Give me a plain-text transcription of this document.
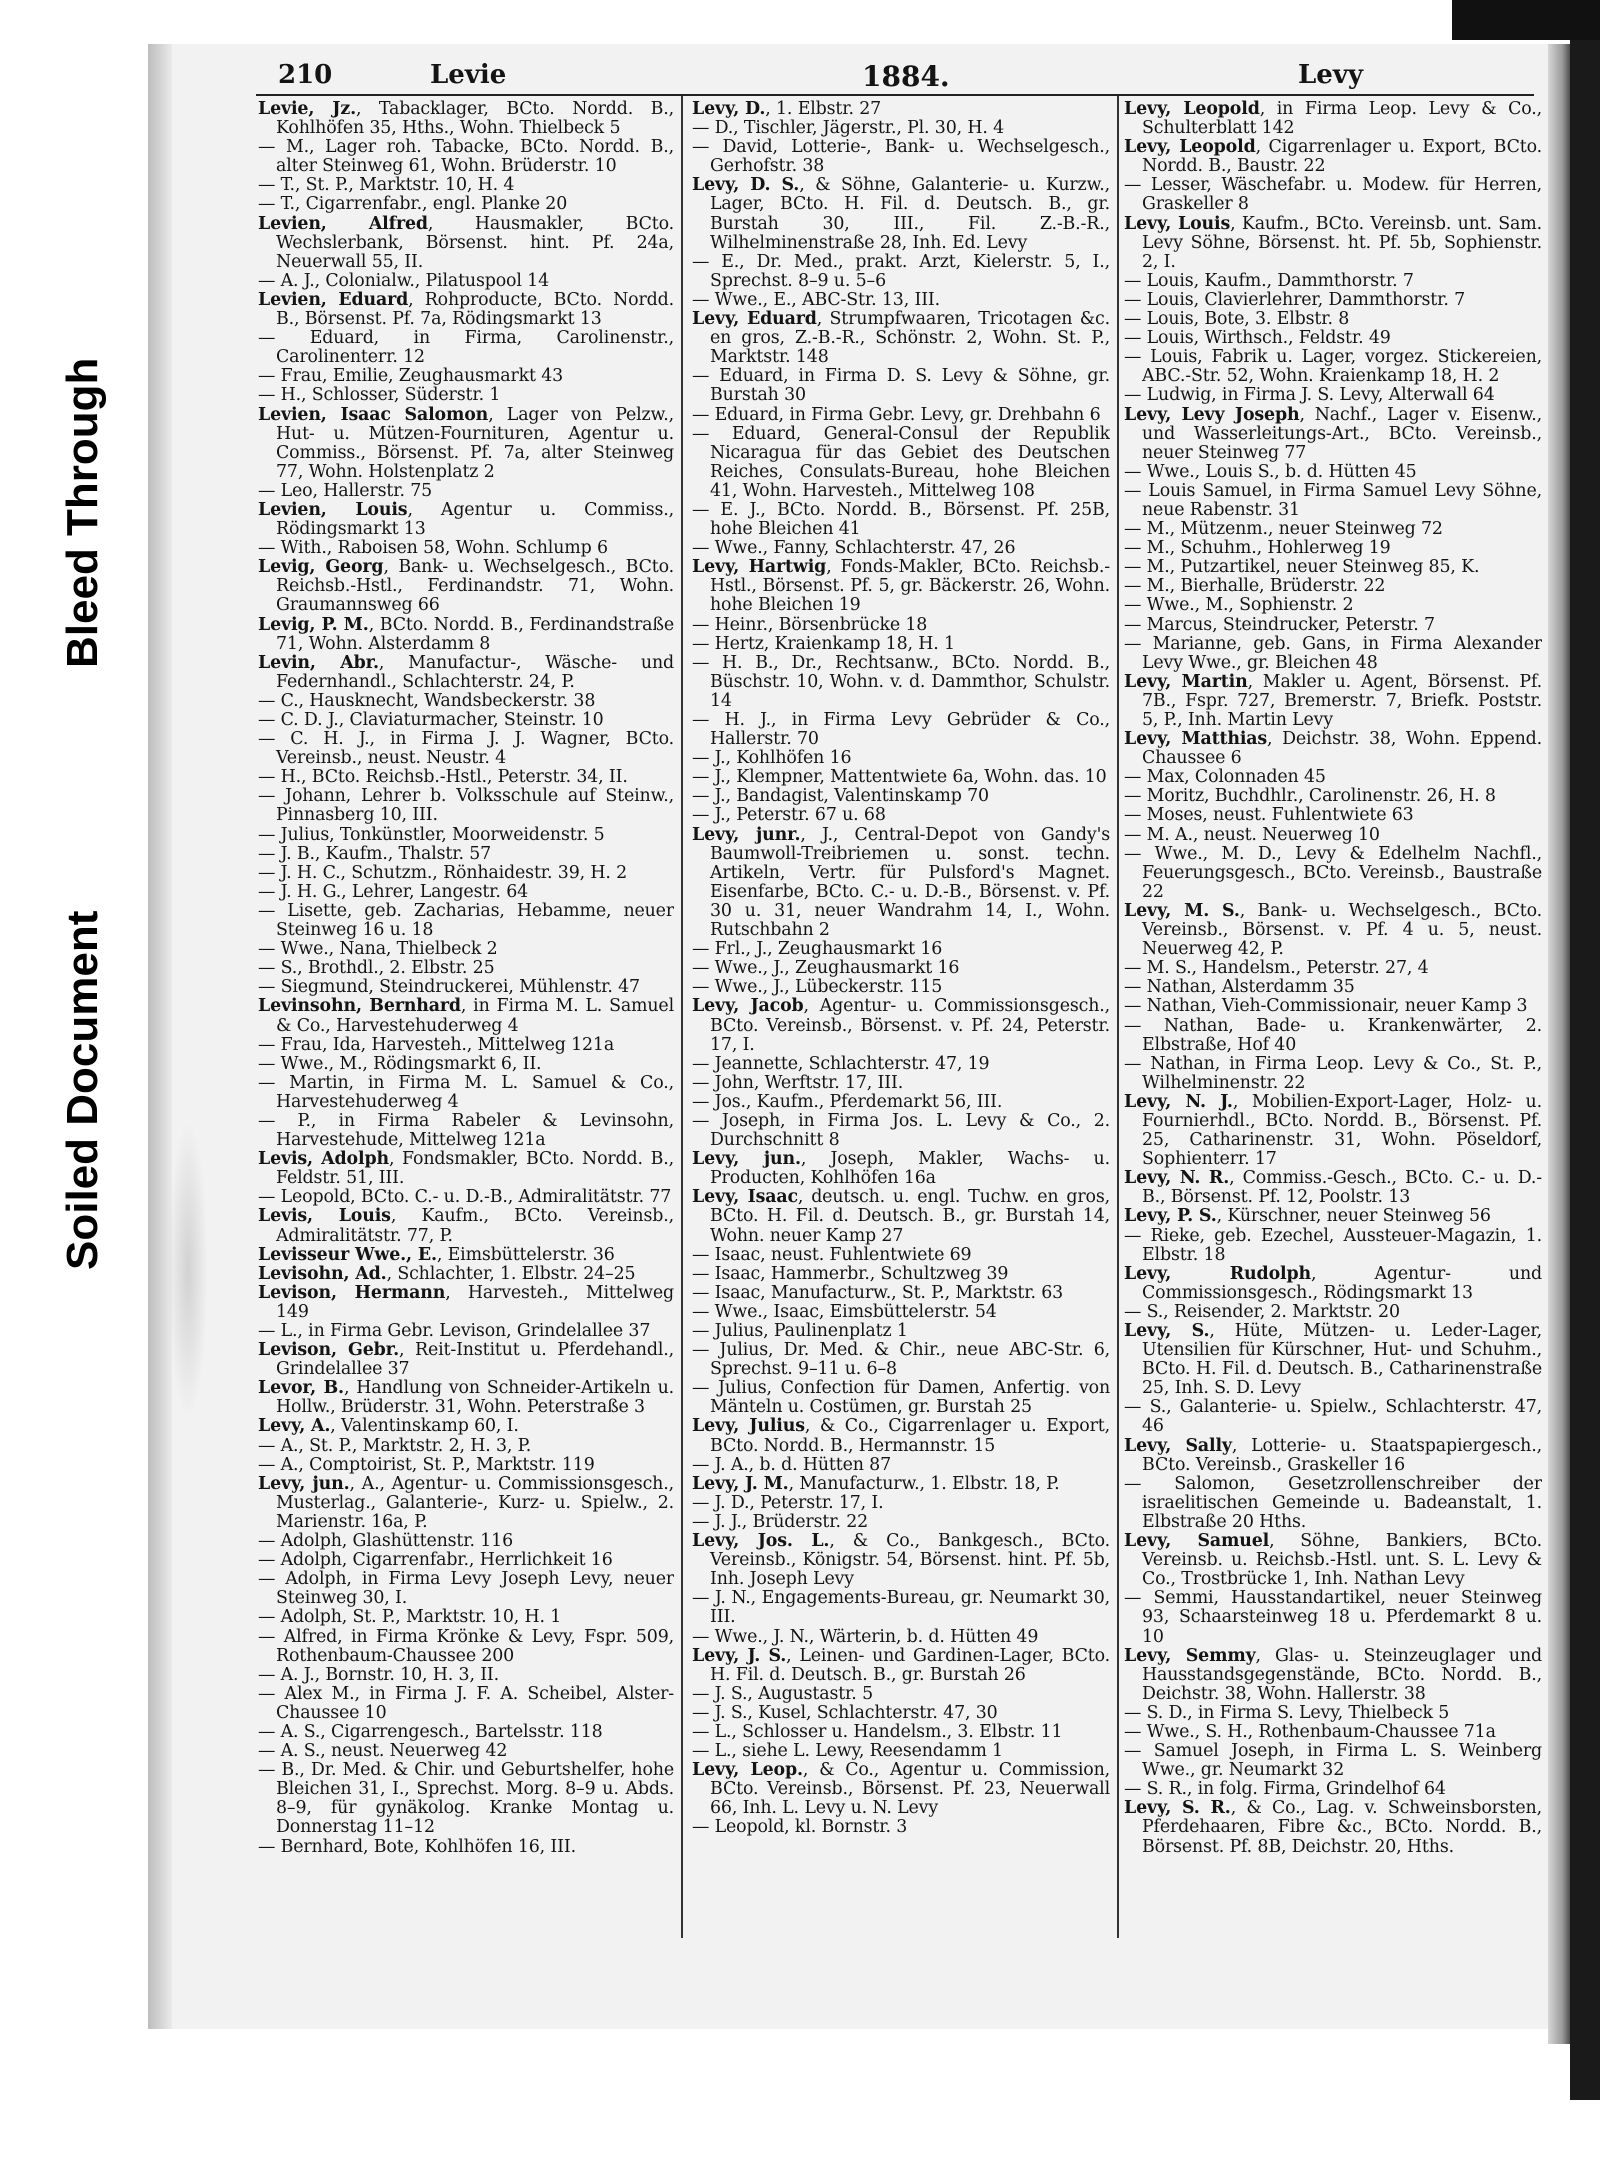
Bleed Through
Soiled Document
210	Levie	1884.	Levy

Levie, Jz., Tabacklager, BCto. Nordd. B., Kohlhöfen 35, Hths., Wohn. Thielbeck 5

— M., Lager roh. Tabacke, BCto. Nordd. B., alter Steinweg 61, Wohn. Brüderstr. 10

— T., St. P., Marktstr. 10, H. 4

— T., Cigarrenfabr., engl. Planke 20

Levien, Alfred, Hausmakler, BCto. Wechslerbank, Börsenst. hint. Pf. 24a, Neuerwall 55, II.

— A. J., Colonialw., Pilatuspool 14

Levien, Eduard, Rohproducte, BCto. Nordd. B., Börsenst. Pf. 7a, Rödingsmarkt 13

— Eduard, in Firma, Carolinenstr., Carolinenterr. 12

— Frau, Emilie, Zeughausmarkt 43

— H., Schlosser, Süderstr. 1

Levien, Isaac Salomon, Lager von Pelzw., Hut- u. Mützen-Fournituren, Agentur u. Commiss., Börsenst. Pf. 7a, alter Steinweg 77, Wohn. Holstenplatz 2

— Leo, Hallerstr. 75

Levien, Louis, Agentur u. Commiss., Rödingsmarkt 13

— With., Raboisen 58, Wohn. Schlump 6

Levig, Georg, Bank- u. Wechselgesch., BCto. Reichsb.-Hstl., Ferdinandstr. 71, Wohn. Graumannsweg 66

Levig, P. M., BCto. Nordd. B., Ferdinandstraße 71, Wohn. Alsterdamm 8

Levin, Abr., Manufactur-, Wäsche- und Federnhandl., Schlachterstr. 24, P.

— C., Hausknecht, Wandsbeckerstr. 38

— C. D. J., Claviaturmacher, Steinstr. 10

— C. H. J., in Firma J. J. Wagner, BCto. Vereinsb., neust. Neustr. 4

— H., BCto. Reichsb.-Hstl., Peterstr. 34, II.

— Johann, Lehrer b. Volksschule auf Steinw., Pinnasberg 10, III.

— Julius, Tonkünstler, Moorweidenstr. 5

— J. B., Kaufm., Thalstr. 57

— J. H. C., Schutzm., Rönhaidestr. 39, H. 2

— J. H. G., Lehrer, Langestr. 64

— Lisette, geb. Zacharias, Hebamme, neuer Steinweg 16 u. 18

— Wwe., Nana, Thielbeck 2

— S., Brothdl., 2. Elbstr. 25

— Siegmund, Steindruckerei, Mühlenstr. 47

Levinsohn, Bernhard, in Firma M. L. Samuel & Co., Harvestehuderweg 4

— Frau, Ida, Harvesteh., Mittelweg 121a

— Wwe., M., Rödingsmarkt 6, II.

— Martin, in Firma M. L. Samuel & Co., Harvestehuderweg 4

— P., in Firma Rabeler & Levinsohn, Harvestehude, Mittelweg 121a

Levis, Adolph, Fondsmakler, BCto. Nordd. B., Feldstr. 51, III.

— Leopold, BCto. C.- u. D.-B., Admiralitätstr. 77

Levis, Louis, Kaufm., BCto. Vereinsb., Admiralitätstr. 77, P.

Levisseur Wwe., E., Eimsbüttelerstr. 36

Levisohn, Ad., Schlachter, 1. Elbstr. 24–25

Levison, Hermann, Harvesteh., Mittelweg 149

— L., in Firma Gebr. Levison, Grindelallee 37

Levison, Gebr., Reit-Institut u. Pferdehandl., Grindelallee 37

Levor, B., Handlung von Schneider-Artikeln u. Hollw., Brüderstr. 31, Wohn. Peterstraße 3

Levy, A., Valentinskamp 60, I.

— A., St. P., Marktstr. 2, H. 3, P.

— A., Comptoirist, St. P., Marktstr. 119

Levy, jun., A., Agentur- u. Commissionsgesch., Musterlag., Galanterie-, Kurz- u. Spielw., 2. Marienstr. 16a, P.

— Adolph, Glashüttenstr. 116

— Adolph, Cigarrenfabr., Herrlichkeit 16

— Adolph, in Firma Levy Joseph Levy, neuer Steinweg 30, I.

— Adolph, St. P., Marktstr. 10, H. 1

— Alfred, in Firma Krönke & Levy, Fspr. 509, Rothenbaum-Chaussee 200

— A. J., Bornstr. 10, H. 3, II.

— Alex M., in Firma J. F. A. Scheibel, Alster-Chaussee 10

— A. S., Cigarrengesch., Bartelsstr. 118

— A. S., neust. Neuerweg 42

— B., Dr. Med. & Chir. und Geburtshelfer, hohe Bleichen 31, I., Sprechst. Morg. 8–9 u. Abds. 8–9, für gynäkolog. Kranke Montag u. Donnerstag 11–12

— Bernhard, Bote, Kohlhöfen 16, III.

Levy, D., 1. Elbstr. 27

— D., Tischler, Jägerstr., Pl. 30, H. 4

— David, Lotterie-, Bank- u. Wechselgesch., Gerhofstr. 38

Levy, D. S., & Söhne, Galanterie- u. Kurzw., Lager, BCto. H. Fil. d. Deutsch. B., gr. Burstah 30, III., Fil. Z.-B.-R., Wilhelminenstraße 28, Inh. Ed. Levy

— E., Dr. Med., prakt. Arzt, Kielerstr. 5, I., Sprechst. 8–9 u. 5–6

— Wwe., E., ABC-Str. 13, III.

Levy, Eduard, Strumpfwaaren, Tricotagen &c. en gros, Z.-B.-R., Schönstr. 2, Wohn. St. P., Marktstr. 148

— Eduard, in Firma D. S. Levy & Söhne, gr. Burstah 30

— Eduard, in Firma Gebr. Levy, gr. Drehbahn 6

— Eduard, General-Consul der Republik Nicaragua für das Gebiet des Deutschen Reiches, Consulats-Bureau, hohe Bleichen 41, Wohn. Harvesteh., Mittelweg 108

— E. J., BCto. Nordd. B., Börsenst. Pf. 25B, hohe Bleichen 41

— Wwe., Fanny, Schlachterstr. 47, 26

Levy, Hartwig, Fonds-Makler, BCto. Reichsb.-Hstl., Börsenst. Pf. 5, gr. Bäckerstr. 26, Wohn. hohe Bleichen 19

— Heinr., Börsenbrücke 18

— Hertz, Kraienkamp 18, H. 1

— H. B., Dr., Rechtsanw., BCto. Nordd. B., Büschstr. 10, Wohn. v. d. Dammthor, Schulstr. 14

— H. J., in Firma Levy Gebrüder & Co., Hallerstr. 70

— J., Kohlhöfen 16

— J., Klempner, Mattentwiete 6a, Wohn. das. 10

— J., Bandagist, Valentinskamp 70

— J., Peterstr. 67 u. 68

Levy, junr., J., Central-Depot von Gandy's Baumwoll-Treibriemen u. sonst. techn. Artikeln, Vertr. für Pulsford's Magnet. Eisenfarbe, BCto. C.- u. D.-B., Börsenst. v. Pf. 30 u. 31, neuer Wandrahm 14, I., Wohn. Rutschbahn 2

— Frl., J., Zeughausmarkt 16

— Wwe., J., Zeughausmarkt 16

— Wwe., J., Lübeckerstr. 115

Levy, Jacob, Agentur- u. Commissionsgesch., BCto. Vereinsb., Börsenst. v. Pf. 24, Peterstr. 17, I.

— Jeannette, Schlachterstr. 47, 19

— John, Werftstr. 17, III.

— Jos., Kaufm., Pferdemarkt 56, III.

— Joseph, in Firma Jos. L. Levy & Co., 2. Durchschnitt 8

Levy, jun., Joseph, Makler, Wachs- u. Producten, Kohlhöfen 16a

Levy, Isaac, deutsch. u. engl. Tuchw. en gros, BCto. H. Fil. d. Deutsch. B., gr. Burstah 14, Wohn. neuer Kamp 27

— Isaac, neust. Fuhlentwiete 69

— Isaac, Hammerbr., Schultzweg 39

— Isaac, Manufacturw., St. P., Marktstr. 63

— Wwe., Isaac, Eimsbüttelerstr. 54

— Julius, Paulinenplatz 1

— Julius, Dr. Med. & Chir., neue ABC-Str. 6, Sprechst. 9–11 u. 6–8

— Julius, Confection für Damen, Anfertig. von Mänteln u. Costümen, gr. Burstah 25

Levy, Julius, & Co., Cigarrenlager u. Export, BCto. Nordd. B., Hermannstr. 15

— J. A., b. d. Hütten 87

Levy, J. M., Manufacturw., 1. Elbstr. 18, P.

— J. D., Peterstr. 17, I.

— J. J., Brüderstr. 22

Levy, Jos. L., & Co., Bankgesch., BCto. Vereinsb., Königstr. 54, Börsenst. hint. Pf. 5b, Inh. Joseph Levy

— J. N., Engagements-Bureau, gr. Neumarkt 30, III.

— Wwe., J. N., Wärterin, b. d. Hütten 49

Levy, J. S., Leinen- und Gardinen-Lager, BCto. H. Fil. d. Deutsch. B., gr. Burstah 26

— J. S., Augustastr. 5

— J. S., Kusel, Schlachterstr. 47, 30

— L., Schlosser u. Handelsm., 3. Elbstr. 11

— L., siehe L. Lewy, Reesendamm 1

Levy, Leop., & Co., Agentur u. Commission, BCto. Vereinsb., Börsenst. Pf. 23, Neuerwall 66, Inh. L. Levy u. N. Levy

— Leopold, kl. Bornstr. 3

Levy, Leopold, in Firma Leop. Levy & Co., Schulterblatt 142

Levy, Leopold, Cigarrenlager u. Export, BCto. Nordd. B., Baustr. 22

— Lesser, Wäschefabr. u. Modew. für Herren, Graskeller 8

Levy, Louis, Kaufm., BCto. Vereinsb. unt. Sam. Levy Söhne, Börsenst. ht. Pf. 5b, Sophienstr. 2, I.

— Louis, Kaufm., Dammthorstr. 7

— Louis, Clavierlehrer, Dammthorstr. 7

— Louis, Bote, 3. Elbstr. 8

— Louis, Wirthsch., Feldstr. 49

— Louis, Fabrik u. Lager, vorgez. Stickereien, ABC.-Str. 52, Wohn. Kraienkamp 18, H. 2

— Ludwig, in Firma J. S. Levy, Alterwall 64

Levy, Levy Joseph, Nachf., Lager v. Eisenw., und Wasserleitungs-Art., BCto. Vereinsb., neuer Steinweg 77

— Wwe., Louis S., b. d. Hütten 45

— Louis Samuel, in Firma Samuel Levy Söhne, neue Rabenstr. 31

— M., Mützenm., neuer Steinweg 72

— M., Schuhm., Hohlerweg 19

— M., Putzartikel, neuer Steinweg 85, K.

— M., Bierhalle, Brüderstr. 22

— Wwe., M., Sophienstr. 2

— Marcus, Steindrucker, Peterstr. 7

— Marianne, geb. Gans, in Firma Alexander Levy Wwe., gr. Bleichen 48

Levy, Martin, Makler u. Agent, Börsenst. Pf. 7B., Fspr. 727, Bremerstr. 7, Briefk. Poststr. 5, P., Inh. Martin Levy

Levy, Matthias, Deichstr. 38, Wohn. Eppend. Chaussee 6

— Max, Colonnaden 45

— Moritz, Buchdhlr., Carolinenstr. 26, H. 8

— Moses, neust. Fuhlentwiete 63

— M. A., neust. Neuerweg 10

— Wwe., M. D., Levy & Edelhelm Nachfl., Feuerungsgesch., BCto. Vereinsb., Baustraße 22

Levy, M. S., Bank- u. Wechselgesch., BCto. Vereinsb., Börsenst. v. Pf. 4 u. 5, neust. Neuerweg 42, P.

— M. S., Handelsm., Peterstr. 27, 4

— Nathan, Alsterdamm 35

— Nathan, Vieh-Commissionair, neuer Kamp 3

— Nathan, Bade- u. Krankenwärter, 2. Elbstraße, Hof 40

— Nathan, in Firma Leop. Levy & Co., St. P., Wilhelminenstr. 22

Levy, N. J., Mobilien-Export-Lager, Holz- u. Fournierhdl., BCto. Nordd. B., Börsenst. Pf. 25, Catharinenstr. 31, Wohn. Pöseldorf, Sophienterr. 17

Levy, N. R., Commiss.-Gesch., BCto. C.- u. D.-B., Börsenst. Pf. 12, Poolstr. 13

Levy, P. S., Kürschner, neuer Steinweg 56

— Rieke, geb. Ezechel, Aussteuer-Magazin, 1. Elbstr. 18

Levy, Rudolph, Agentur- und Commissionsgesch., Rödingsmarkt 13

— S., Reisender, 2. Marktstr. 20

Levy, S., Hüte, Mützen- u. Leder-Lager, Utensilien für Kürschner, Hut- und Schuhm., BCto. H. Fil. d. Deutsch. B., Catharinenstraße 25, Inh. S. D. Levy

— S., Galanterie- u. Spielw., Schlachterstr. 47, 46

Levy, Sally, Lotterie- u. Staatspapiergesch., BCto. Vereinsb., Graskeller 16

— Salomon, Gesetzrollenschreiber der israelitischen Gemeinde u. Badeanstalt, 1. Elbstraße 20 Hths.

Levy, Samuel, Söhne, Bankiers, BCto. Vereinsb. u. Reichsb.-Hstl. unt. S. L. Levy & Co., Trostbrücke 1, Inh. Nathan Levy

— Semmi, Hausstandartikel, neuer Steinweg 93, Schaarsteinweg 18 u. Pferdemarkt 8 u. 10

Levy, Semmy, Glas- u. Steinzeuglager und Hausstandsgegenstände, BCto. Nordd. B., Deichstr. 38, Wohn. Hallerstr. 38

— S. D., in Firma S. Levy, Thielbeck 5

— Wwe., S. H., Rothenbaum-Chaussee 71a

— Samuel Joseph, in Firma L. S. Weinberg Wwe., gr. Neumarkt 32

— S. R., in folg. Firma, Grindelhof 64

Levy, S. R., & Co., Lag. v. Schweinsborsten, Pferdehaaren, Fibre &c., BCto. Nordd. B., Börsenst. Pf. 8B, Deichstr. 20, Hths.
